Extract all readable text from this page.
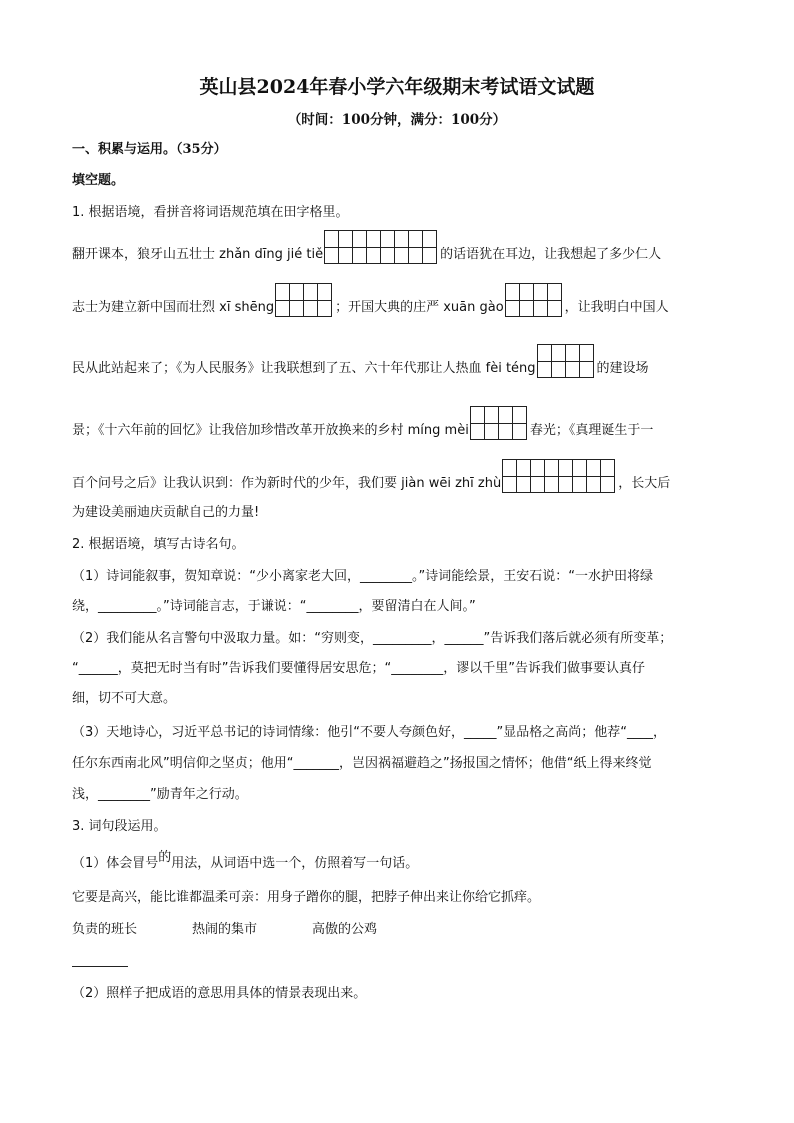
英山县2024年春小学六年级期末考试语文试题
（时间：100分钟，满分：100分）
一、积累与运用。（35分）
填空题。
1. 根据语境，看拼音将词语规范填在田字格里。
翻开课本，狼牙山五壮士 zhǎn dīng jié tiě	的话语犹在耳边，让我想起了多少仁人
志士为建立新中国而壮烈 xī shēng	；开国大典的庄严 xuān gào	，让我明白中国人
民从此站起来了；《为人民服务》让我联想到了五、六十年代那让人热血 fèi téng	的建设场
景；《十六年前的回忆》让我倍加珍惜改革开放换来的乡村 míng mèi	春光；《真理诞生于一
百个问号之后》让我认识到：作为新时代的少年，我们要 jiàn wēi zhī zhù	，长大后
为建设美丽迪庆贡献自己的力量!
2. 根据语境，填写古诗名句。
（1）诗词能叙事，贺知章说：“少小离家老大回，________。”诗词能绘景，王安石说：“一水护田将绿
绕，_________。”诗词能言志，于谦说：“________，要留清白在人间。”
（2）我们能从名言警句中汲取力量。如：“穷则变，_________，______”告诉我们落后就必须有所变革；
“______，莫把无时当有时”告诉我们要懂得居安思危；“________，谬以千里”告诉我们做事要认真仔
细，切不可大意。
（3）天地诗心，习近平总书记的诗词情缘：他引“不要人夸颜色好，_____”显品格之高尚；他荐“____，
任尔东西南北风”明信仰之坚贞；他用“_______，岂因祸福避趋之”扬报国之情怀；他借“纸上得来终觉
浅，________”励青年之行动。
3. 词句段运用。
（1）体会冒号的用法，从词语中选一个，仿照着写一句话。
它要是高兴，能比谁都温柔可亲：用身子蹭你的腿，把脖子伸出来让你给它抓痒。
负责的班长	热闹的集市	高傲的公鸡
（2）照样子把成语的意思用具体的情景表现出来。
